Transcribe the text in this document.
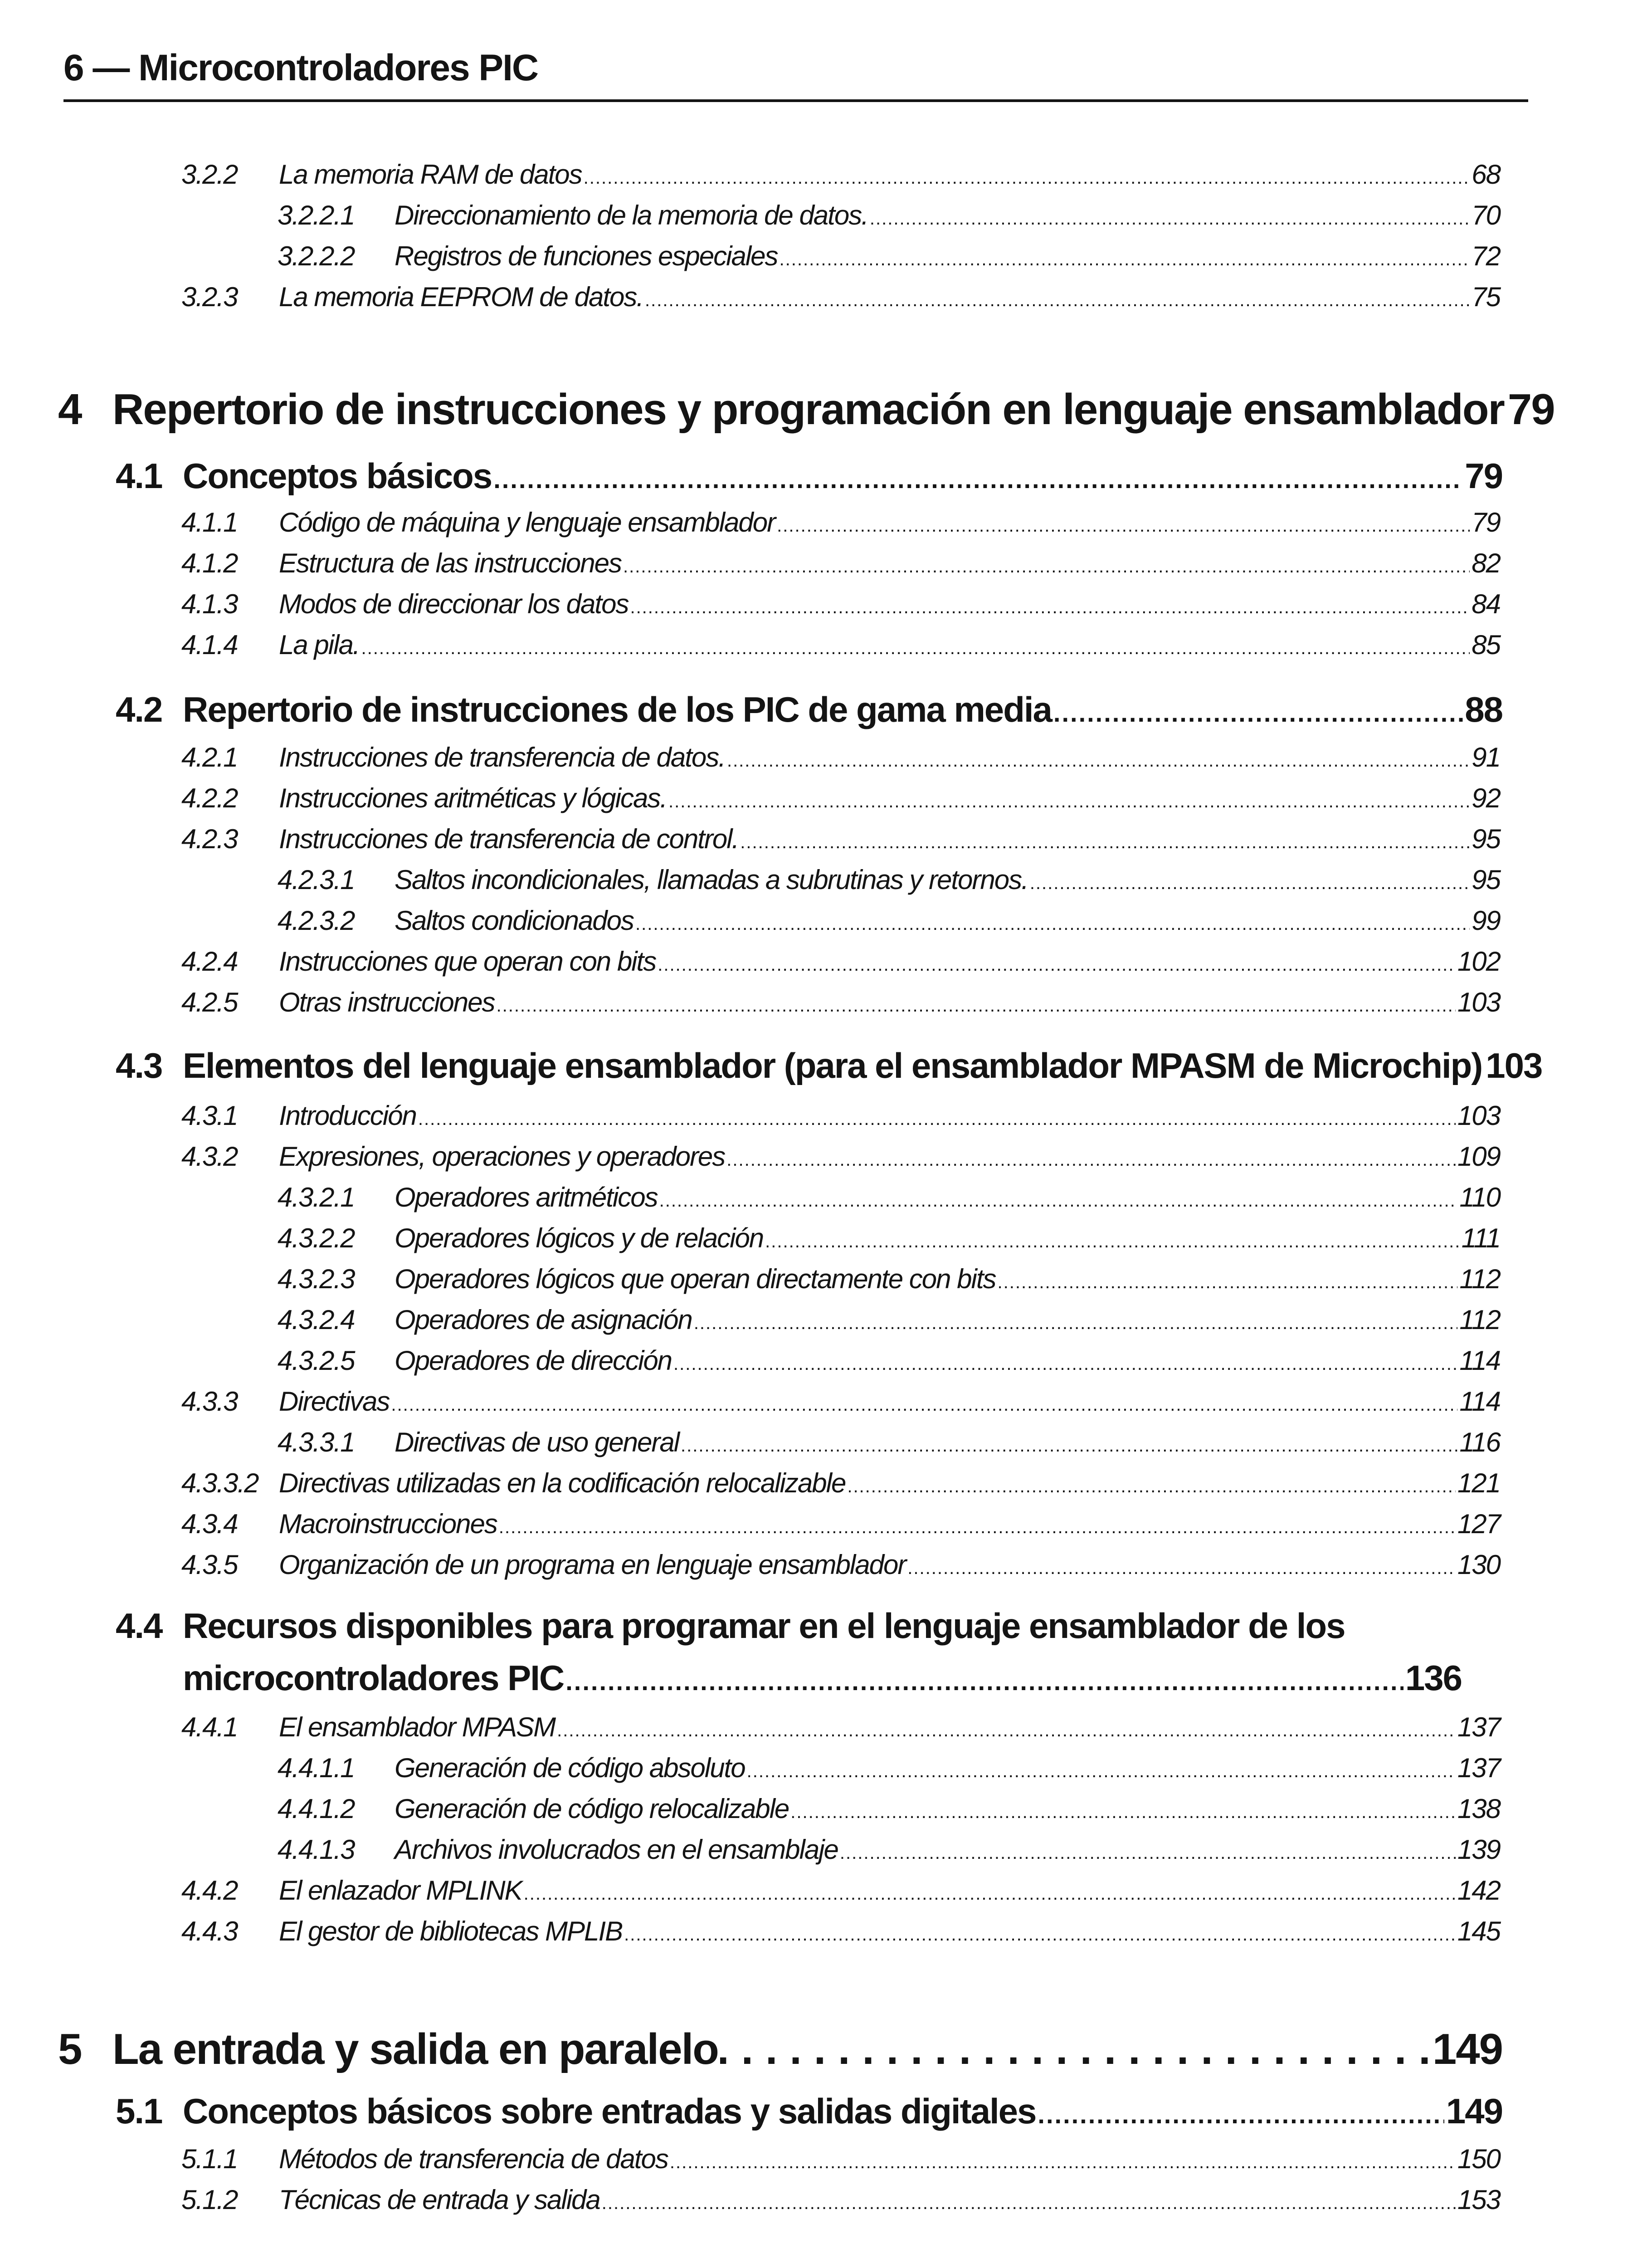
6 — Microcontroladores PIC
3.2.2	La memoria RAM de datos .....	68
3.2.2.1	Direccionamiento de la memoria de datos. .....	70
3.2.2.2	Registros de funciones especiales .....	72
3.2.3	La memoria EEPROM de datos. .....	75
4 Repertorio de instrucciones y programación en lenguaje ensamblador 79
4.1 Conceptos básicos .....	79
4.1.1	Código de máquina y lenguaje ensamblador .....	79
4.1.2	Estructura de las instrucciones .....	82
4.1.3	Modos de direccionar los datos .....	84
4.1.4	La pila. .....	85
4.2 Repertorio de instrucciones de los PIC de gama media .....	88
4.2.1	Instrucciones de transferencia de datos. .....	91
4.2.2	Instrucciones aritméticas y lógicas. .....	92
4.2.3	Instrucciones de transferencia de control. .....	95
4.2.3.1	Saltos incondicionales, llamadas a subrutinas y retornos. .....	95
4.2.3.2	Saltos condicionados .....	99
4.2.4	Instrucciones que operan con bits .....	102
4.2.5	Otras instrucciones .....	103
4.3 Elementos del lenguaje ensamblador (para el ensamblador MPASM de Microchip) 103
4.3.1	Introducción .....	103
4.3.2	Expresiones, operaciones y operadores .....	109
4.3.2.1	Operadores aritméticos .....	110
4.3.2.2	Operadores lógicos y de relación .....	111
4.3.2.3	Operadores lógicos que operan directamente con bits .....	112
4.3.2.4	Operadores de asignación .....	112
4.3.2.5	Operadores de dirección .....	114
4.3.3	Directivas .....	114
4.3.3.1	Directivas de uso general .....	116
4.3.3.2 Directivas utilizadas en la codificación relocalizable .....	121
4.3.4	Macroinstrucciones .....	127
4.3.5	Organización de un programa en lenguaje ensamblador .....	130
4.4 Recursos disponibles para programar en el lenguaje ensamblador de los
microcontroladores PIC .....	136
4.4.1	El ensamblador MPASM .....	137
4.4.1.1	Generación de código absoluto .....	137
4.4.1.2	Generación de código relocalizable .....	138
4.4.1.3	Archivos involucrados en el ensamblaje .....	139
4.4.2	El enlazador MPLINK .....	142
4.4.3	El gestor de bibliotecas MPLIB .....	145
5 La entrada y salida en paralelo . .	149
5.1 Conceptos básicos sobre entradas y salidas digitales .....	149
5.1.1	Métodos de transferencia de datos .....	150
5.1.2	Técnicas de entrada y salida .....	153
